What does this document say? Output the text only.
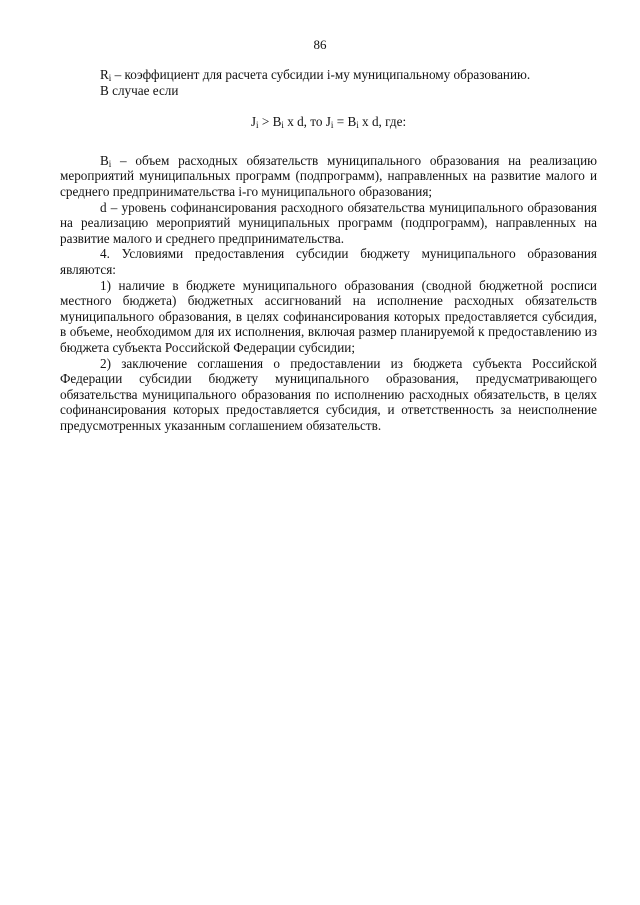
86

$R_i$ – коэффициент для расчета субсидии i-му муниципальному образованию.

В случае если

$J_i > B_i$ x d, то $J_i = B_i$ x d, где:

$B_i$ – объем расходных обязательств муниципального образования на реализацию мероприятий муниципальных программ (подпрограмм), направленных на развитие малого и среднего предпринимательства i-го муниципального образования;

d – уровень софинансирования расходного обязательства муниципального образования на реализацию мероприятий муниципальных программ (подпрограмм), направленных на развитие малого и среднего предпринимательства.

4. Условиями предоставления субсидии бюджету муниципального образования являются:

1) наличие в бюджете муниципального образования (сводной бюджетной росписи местного бюджета) бюджетных ассигнований на исполнение расходных обязательств муниципального образования, в целях софинансирования которых предоставляется субсидия, в объеме, необходимом для их исполнения, включая размер планируемой к предоставлению из бюджета субъекта Российской Федерации субсидии;

2) заключение соглашения о предоставлении из бюджета субъекта Российской Федерации субсидии бюджету муниципального образования, предусматривающего обязательства муниципального образования по исполнению расходных обязательств, в целях софинансирования которых предоставляется субсидия, и ответственность за неисполнение предусмотренных указанным соглашением обязательств.
